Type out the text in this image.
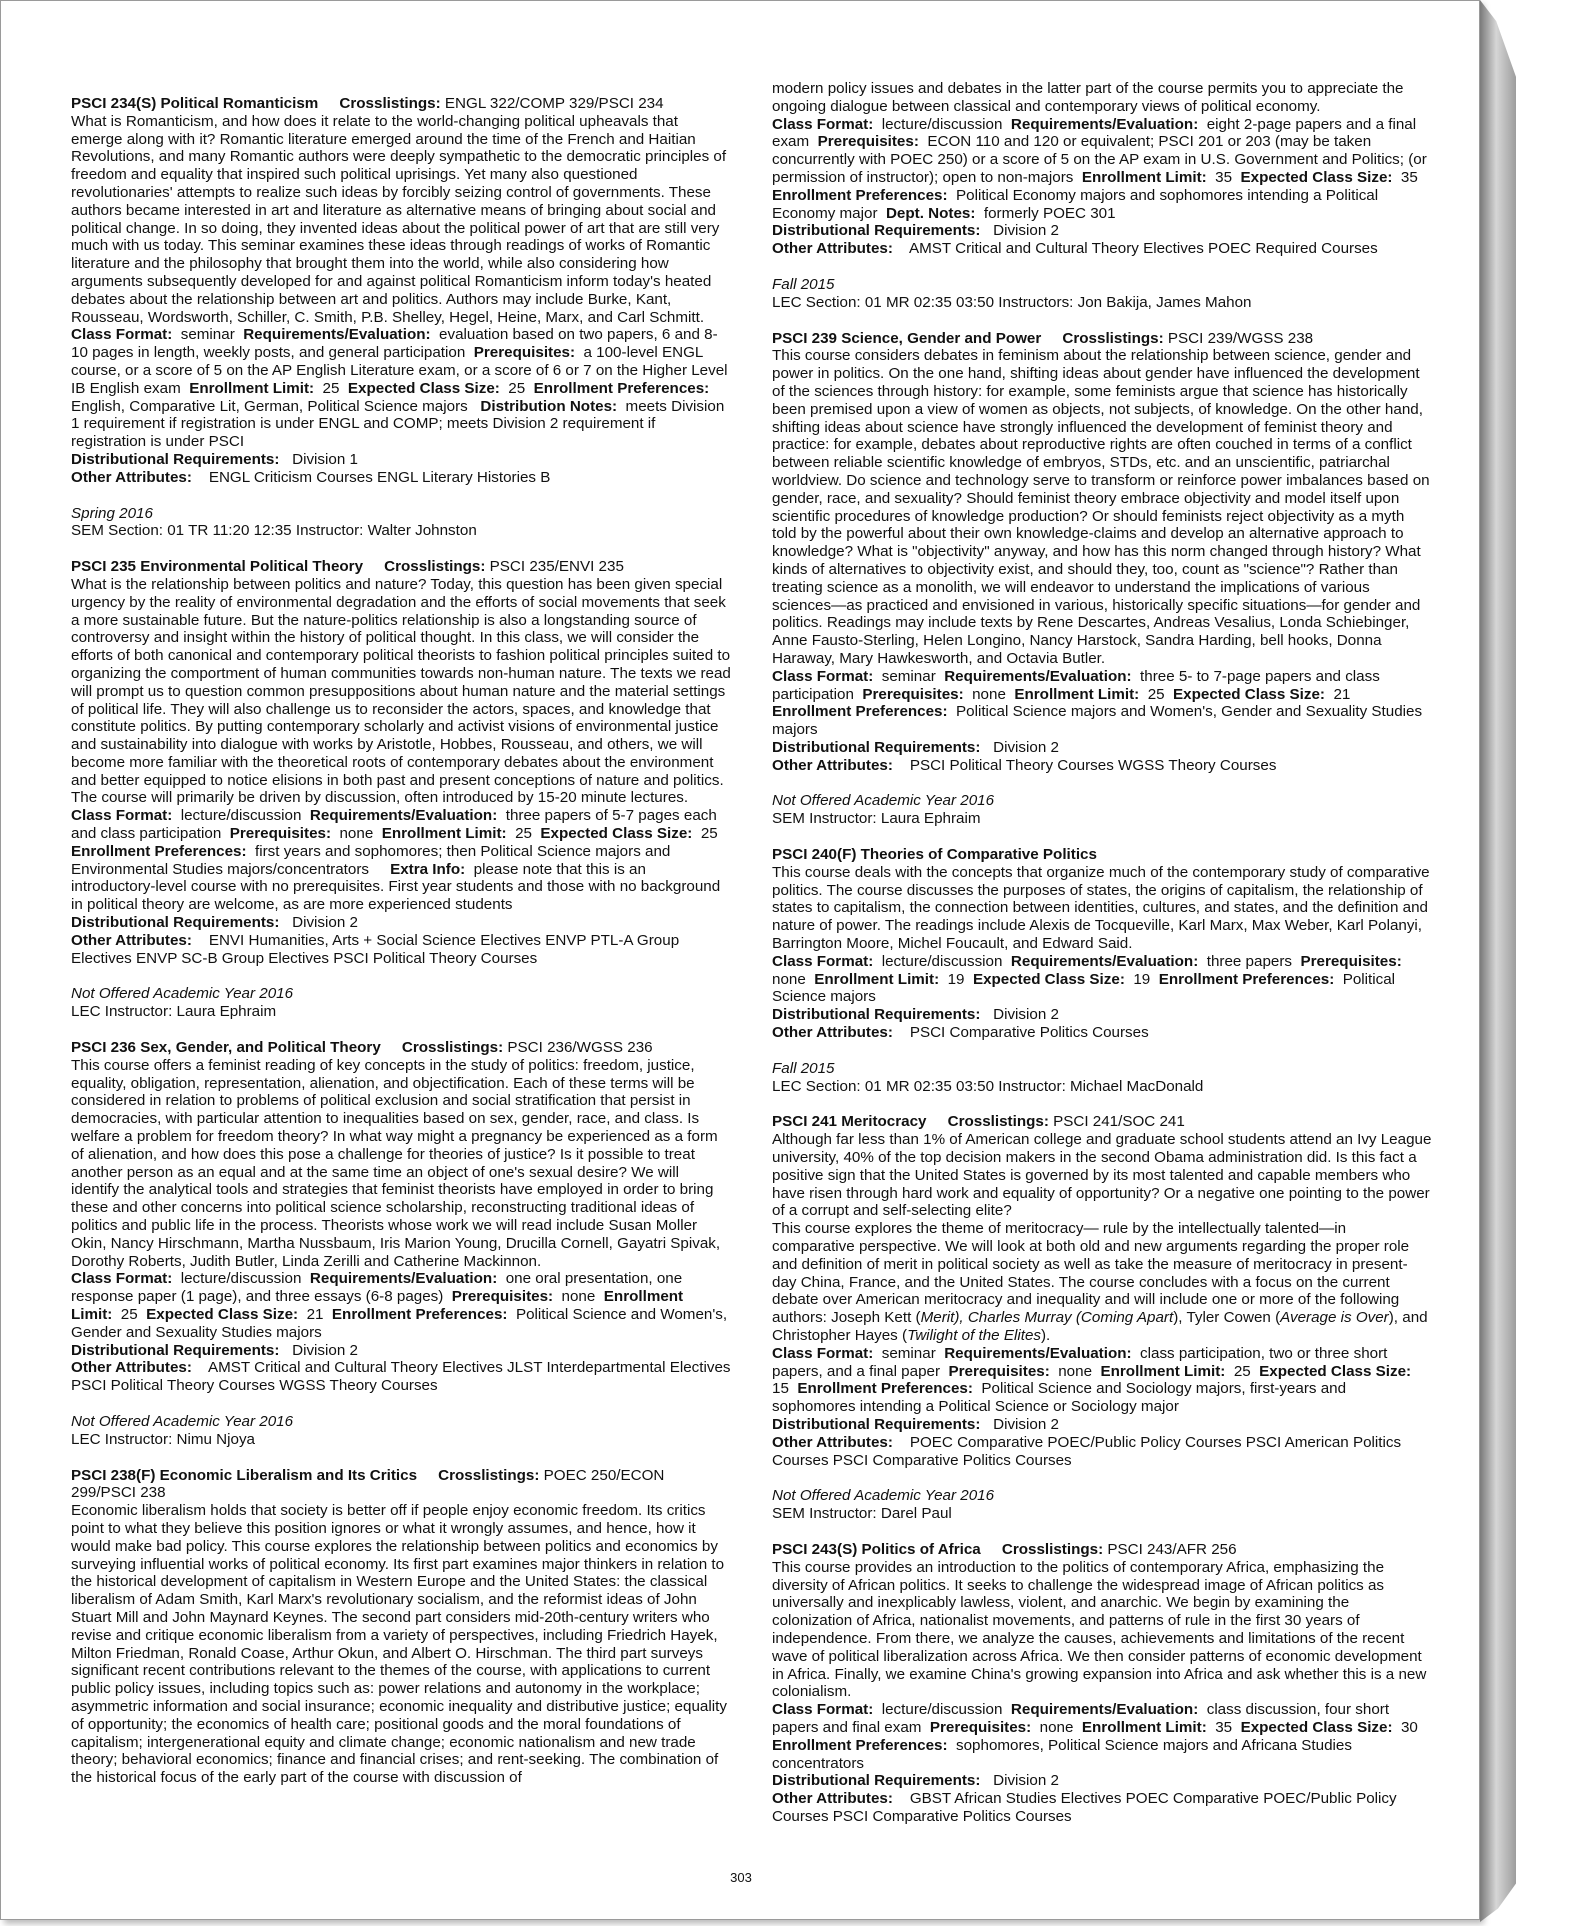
PSCI 234(S) Political Romanticism Crosslistings: ENGL 322/COMP 329/PSCI 234

What is Romanticism, and how does it relate to the world-changing political upheavals that emerge along with it? Romantic literature emerged around the time of the French and Haitian Revolutions, and many Romantic authors were deeply sympathetic to the democratic principles of freedom and equality that inspired such political uprisings. Yet many also questioned revolutionaries' attempts to realize such ideas by forcibly seizing control of governments. These authors became interested in art and literature as alternative means of bringing about social and political change. In so doing, they invented ideas about the political power of art that are still very much with us today. This seminar examines these ideas through readings of works of Romantic literature and the philosophy that brought them into the world, while also considering how arguments subsequently developed for and against political Romanticism inform today's heated debates about the relationship between art and politics. Authors may include Burke, Kant, Rousseau, Wordsworth, Schiller, C. Smith, P.B. Shelley, Hegel, Heine, Marx, and Carl Schmitt.

Class Format: seminar Requirements/Evaluation: evaluation based on two papers, 6 and 8-10 pages in length, weekly posts, and general participation Prerequisites: a 100-level ENGL course, or a score of 5 on the AP English Literature exam, or a score of 6 or 7 on the Higher Level IB English exam Enrollment Limit: 25 Expected Class Size: 25 Enrollment Preferences:  English, Comparative Lit, German, Political Science majors Distribution Notes: meets Division 1 requirement if registration is under ENGL and COMP; meets Division 2 requirement if registration is under PSCI

Distributional Requirements: Division 1

Other Attributes: ENGL Criticism Courses ENGL Literary Histories B

Spring 2016

SEM Section: 01 TR 11:20 12:35 Instructor: Walter Johnston

PSCI 235 Environmental Political Theory Crosslistings: PSCI 235/ENVI 235

What is the relationship between politics and nature? Today, this question has been given special urgency by the reality of environmental degradation and the efforts of social movements that seek a more sustainable future. But the nature-politics relationship is also a longstanding source of controversy and insight within the history of political thought. In this class, we will consider the efforts of both canonical and contemporary political theorists to fashion political principles suited to organizing the comportment of human communities towards non-human nature. The texts we read will prompt us to question common presuppositions about human nature and the material settings of political life. They will also challenge us to reconsider the actors, spaces, and knowledge that constitute politics. By putting contemporary scholarly and activist visions of environmental justice and sustainability into dialogue with works by Aristotle, Hobbes, Rousseau, and others, we will become more familiar with the theoretical roots of contemporary debates about the environment and better equipped to notice elisions in both past and present conceptions of nature and politics. The course will primarily be driven by discussion, often introduced by 15-20 minute lectures.

Class Format: lecture/discussion Requirements/Evaluation: three papers of 5-7 pages each and class participation Prerequisites: none Enrollment Limit: 25 Expected Class Size: 25  Enrollment Preferences: first years and sophomores; then Political Science majors and Environmental Studies majors/concentrators Extra Info: please note that this is an introductory-level course with no prerequisites. First year students and those with no background in political theory are welcome, as are more experienced students

Distributional Requirements: Division 2

Other Attributes: ENVI Humanities, Arts + Social Science Electives ENVP PTL-A Group Electives ENVP SC-B Group Electives PSCI Political Theory Courses

Not Offered Academic Year 2016

LEC Instructor: Laura Ephraim

PSCI 236 Sex, Gender, and Political Theory Crosslistings: PSCI 236/WGSS 236

This course offers a feminist reading of key concepts in the study of politics: freedom, justice, equality, obligation, representation, alienation, and objectification. Each of these terms will be considered in relation to problems of political exclusion and social stratification that persist in democracies, with particular attention to inequalities based on sex, gender, race, and class. Is welfare a problem for freedom theory? In what way might a pregnancy be experienced as a form of alienation, and how does this pose a challenge for theories of justice? Is it possible to treat another person as an equal and at the same time an object of one's sexual desire? We will identify the analytical tools and strategies that feminist theorists have employed in order to bring these and other concerns into political science scholarship, reconstructing traditional ideas of politics and public life in the process. Theorists whose work we will read include Susan Moller Okin, Nancy Hirschmann, Martha Nussbaum, Iris Marion Young, Drucilla Cornell, Gayatri Spivak, Dorothy Roberts, Judith Butler, Linda Zerilli and Catherine Mackinnon.

Class Format: lecture/discussion Requirements/Evaluation: one oral presentation, one response paper (1 page), and three essays (6-8 pages) Prerequisites: none Enrollment Limit: 25 Expected Class Size: 21 Enrollment Preferences: Political Science and Women's, Gender and Sexuality Studies majors

Distributional Requirements: Division 2

Other Attributes: AMST Critical and Cultural Theory Electives JLST Interdepartmental Electives PSCI Political Theory Courses WGSS Theory Courses

Not Offered Academic Year 2016

LEC Instructor: Nimu Njoya

PSCI 238(F) Economic Liberalism and Its Critics Crosslistings: POEC 250/ECON 299/PSCI 238

Economic liberalism holds that society is better off if people enjoy economic freedom. Its critics point to what they believe this position ignores or what it wrongly assumes, and hence, how it would make bad policy. This course explores the relationship between politics and economics by surveying influential works of political economy. Its first part examines major thinkers in relation to the historical development of capitalism in Western Europe and the United States: the classical liberalism of Adam Smith, Karl Marx's revolutionary socialism, and the reformist ideas of John Stuart Mill and John Maynard Keynes. The second part considers mid-20th-century writers who revise and critique economic liberalism from a variety of perspectives, including Friedrich Hayek, Milton Friedman, Ronald Coase, Arthur Okun, and Albert O. Hirschman. The third part surveys significant recent contributions relevant to the themes of the course, with applications to current public policy issues, including topics such as: power relations and autonomy in the workplace; asymmetric information and social insurance; economic inequality and distributive justice; equality of opportunity; the economics of health care; positional goods and the moral foundations of capitalism; intergenerational equity and climate change; economic nationalism and new trade theory; behavioral economics; finance and financial crises; and rent-seeking. The combination of the historical focus of the early part of the course with discussion of

modern policy issues and debates in the latter part of the course permits you to appreciate the ongoing dialogue between classical and contemporary views of political economy.

Class Format: lecture/discussion Requirements/Evaluation: eight 2-page papers and a final exam Prerequisites: ECON 110 and 120 or equivalent; PSCI 201 or 203 (may be taken concurrently with POEC 250) or a score of 5 on the AP exam in U.S. Government and Politics; (or permission of instructor); open to non-majors Enrollment Limit: 35 Expected Class Size: 35  Enrollment Preferences: Political Economy majors and sophomores intending a Political Economy major Dept. Notes: formerly POEC 301

Distributional Requirements: Division 2

Other Attributes: AMST Critical and Cultural Theory Electives POEC Required Courses

Fall 2015

LEC Section: 01 MR 02:35 03:50 Instructors: Jon Bakija, James Mahon

PSCI 239 Science, Gender and Power Crosslistings: PSCI 239/WGSS 238

This course considers debates in feminism about the relationship between science, gender and power in politics. On the one hand, shifting ideas about gender have influenced the development of the sciences through history: for example, some feminists argue that science has historically been premised upon a view of women as objects, not subjects, of knowledge. On the other hand, shifting ideas about science have strongly influenced the development of feminist theory and practice: for example, debates about reproductive rights are often couched in terms of a conflict between reliable scientific knowledge of embryos, STDs, etc. and an unscientific, patriarchal worldview. Do science and technology serve to transform or reinforce power imbalances based on gender, race, and sexuality? Should feminist theory embrace objectivity and model itself upon scientific procedures of knowledge production? Or should feminists reject objectivity as a myth told by the powerful about their own knowledge-claims and develop an alternative approach to knowledge? What is "objectivity" anyway, and how has this norm changed through history? What kinds of alternatives to objectivity exist, and should they, too, count as "science"? Rather than treating science as a monolith, we will endeavor to understand the implications of various sciences—as practiced and envisioned in various, historically specific situations—for gender and politics. Readings may include texts by Rene Descartes, Andreas Vesalius, Londa Schiebinger, Anne Fausto-Sterling, Helen Longino, Nancy Harstock, Sandra Harding, bell hooks, Donna Haraway, Mary Hawkesworth, and Octavia Butler.

Class Format: seminar Requirements/Evaluation: three 5- to 7-page papers and class participation Prerequisites: none Enrollment Limit: 25 Expected Class Size: 21  Enrollment Preferences: Political Science majors and Women's, Gender and Sexuality Studies majors

Distributional Requirements: Division 2

Other Attributes: PSCI Political Theory Courses WGSS Theory Courses

Not Offered Academic Year 2016

SEM Instructor: Laura Ephraim

PSCI 240(F) Theories of Comparative Politics

This course deals with the concepts that organize much of the contemporary study of comparative politics. The course discusses the purposes of states, the origins of capitalism, the relationship of states to capitalism, the connection between identities, cultures, and states, and the definition and nature of power. The readings include Alexis de Tocqueville, Karl Marx, Max Weber, Karl Polanyi, Barrington Moore, Michel Foucault, and Edward Said.

Class Format: lecture/discussion Requirements/Evaluation: three papers Prerequisites:  none Enrollment Limit: 19 Expected Class Size: 19 Enrollment Preferences: Political Science majors

Distributional Requirements: Division 2

Other Attributes: PSCI Comparative Politics Courses

Fall 2015

LEC Section: 01 MR 02:35 03:50 Instructor: Michael MacDonald

PSCI 241 Meritocracy Crosslistings: PSCI 241/SOC 241

Although far less than 1% of American college and graduate school students attend an Ivy League university, 40% of the top decision makers in the second Obama administration did. Is this fact a positive sign that the United States is governed by its most talented and capable members who have risen through hard work and equality of opportunity? Or a negative one pointing to the power of a corrupt and self-selecting elite?

This course explores the theme of meritocracy— rule by the intellectually talented—in comparative perspective. We will look at both old and new arguments regarding the proper role and definition of merit in political society as well as take the measure of meritocracy in present-day China, France, and the United States. The course concludes with a focus on the current debate over American meritocracy and inequality and will include one or more of the following authors: Joseph Kett (Merit), Charles Murray (Coming Apart), Tyler Cowen (Average is Over), and Christopher Hayes (Twilight of the Elites).

Class Format: seminar Requirements/Evaluation: class participation, two or three short papers, and a final paper Prerequisites: none Enrollment Limit: 25 Expected Class Size:  15 Enrollment Preferences: Political Science and Sociology majors, first-years and sophomores intending a Political Science or Sociology major

Distributional Requirements: Division 2

Other Attributes: POEC Comparative POEC/Public Policy Courses PSCI American Politics Courses PSCI Comparative Politics Courses

Not Offered Academic Year 2016

SEM Instructor: Darel Paul

PSCI 243(S) Politics of Africa Crosslistings: PSCI 243/AFR 256

This course provides an introduction to the politics of contemporary Africa, emphasizing the diversity of African politics. It seeks to challenge the widespread image of African politics as universally and inexplicably lawless, violent, and anarchic. We begin by examining the colonization of Africa, nationalist movements, and patterns of rule in the first 30 years of independence. From there, we analyze the causes, achievements and limitations of the recent wave of political liberalization across Africa. We then consider patterns of economic development in Africa. Finally, we examine China's growing expansion into Africa and ask whether this is a new colonialism.

Class Format: lecture/discussion Requirements/Evaluation: class discussion, four short papers and final exam Prerequisites: none Enrollment Limit: 35 Expected Class Size: 30  Enrollment Preferences: sophomores, Political Science majors and Africana Studies concentrators

Distributional Requirements: Division 2

Other Attributes: GBST African Studies Electives POEC Comparative POEC/Public Policy Courses PSCI Comparative Politics Courses

303
